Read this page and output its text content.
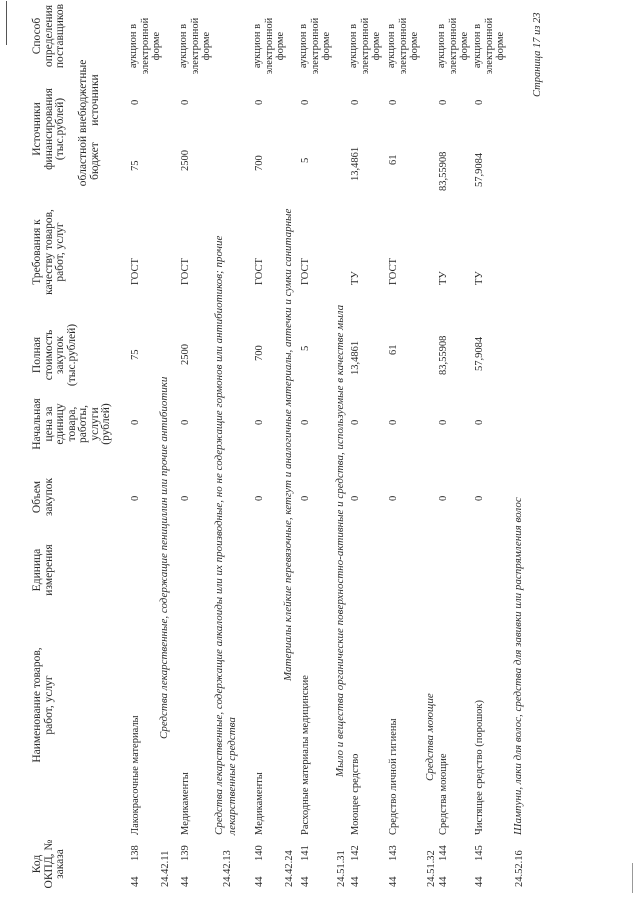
Код ОКПД, № заказа
Наименование товаров, работ, услуг
Единица измерения
Объем закупок
Начальная цена за единицу товара, работы, услуги (рублей)
Полная стоимость закупок (тыс.рублей)
Требования к качеству товаров, работ, услуг
Источники финансирования (тыс.рублей)
областной бюджет
внебюджетные источники
Способ определения поставщиков
44
138
Лакокрасочные материалы
0
0
75
ГОСТ
75
0
аукцион в электронной форме
24.42.11
Средства лекарственные, содержащие пенициллин или прочие антибиотики
44
139
Медикаменты
0
0
2500
ГОСТ
2500
0
аукцион в электронной форме
24.42.13
Средства лекарственные, содержащие алкалоиды или их производные, но не содержащие гормонов или антибиотиков; прочие лекарственные средства
44
140
Медикаменты
0
0
700
ГОСТ
700
0
аукцион в электронной форме
24.42.24
Материалы клейкие перевязочные, кетгут и аналогичные материалы, аптечки и сумки санитарные
44
141
Расходные материалы медицинские
0
0
5
ГОСТ
5
0
аукцион в электронной форме
24.51.31
Мыло и вещества органические поверхностно-активные и средства, используемые в качестве мыла
44
142
Моющее средство
0
0
13,4861
ТУ
13,4861
0
аукцион в электронной форме
44
143
Средство личной гигиены
0
0
61
ГОСТ
61
0
аукцион в электронной форме
24.51.32
Средства моющие
44
144
Средства моющие
0
0
83,55908
ТУ
83,55908
0
аукцион в электронной форме
44
145
Чистящее средство (порошок)
0
0
57,9084
ТУ
57,9084
0
аукцион в электронной форме
24.52.16
Шампуни, лаки для волос, средства для завивки или распрямления волос
Страница 17 из 23
